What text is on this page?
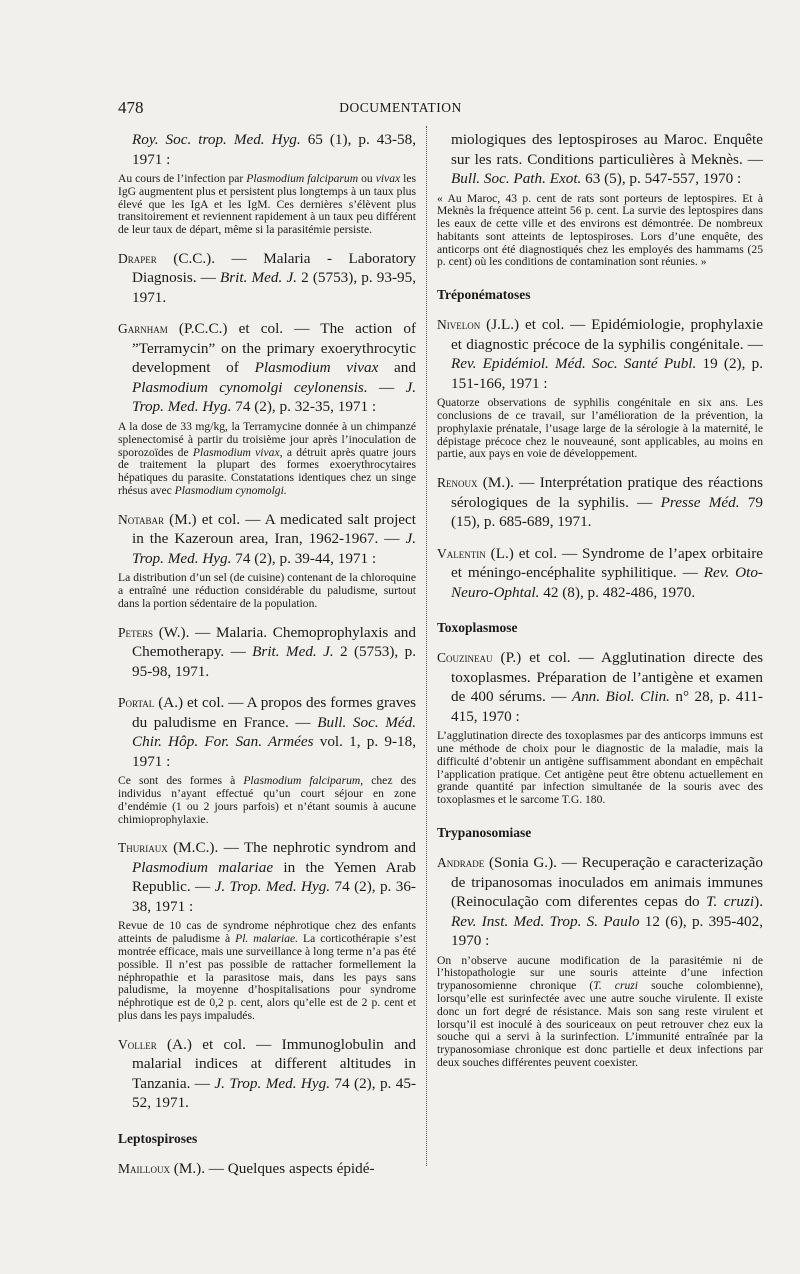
478	DOCUMENTATION

Roy. Soc. trop. Med. Hyg. 65 (1), p. 43-58, 1971 :

Au cours de l’infection par Plasmodium falciparum ou vivax les IgG augmentent plus et persistent plus longtemps à un taux plus élevé que les IgA et les IgM. Ces dernières s’élèvent plus transitoirement et reviennent rapidement à un taux peu différent de leur taux de départ, même si la parasitémie persiste.

Draper (C.C.). — Malaria - Laboratory Diagnosis. — Brit. Med. J. 2 (5753), p. 93-95, 1971.

Garnham (P.C.C.) et col. — The action of ”Terramycin” on the primary exoerythrocytic development of Plasmodium vivax and Plasmodium cynomolgi ceylonensis. — J. Trop. Med. Hyg. 74 (2), p. 32-35, 1971 :

A la dose de 33 mg/kg, la Terramycine donnée à un chimpanzé splenectomisé à partir du troisième jour après l’inoculation de sporozoïdes de Plasmodium vivax, a détruit après quatre jours de traitement la plupart des formes exoerythrocytaires hépatiques du parasite. Constatations identiques chez un singe rhésus avec Plasmodium cynomolgi.

Notabar (M.) et col. — A medicated salt project in the Kazeroun area, Iran, 1962-1967. — J. Trop. Med. Hyg. 74 (2), p. 39-44, 1971 :

La distribution d’un sel (de cuisine) contenant de la chloroquine a entraîné une réduction considérable du paludisme, surtout dans la portion sédentaire de la population.

Peters (W.). — Malaria. Chemoprophylaxis and Chemotherapy. — Brit. Med. J. 2 (5753), p. 95-98, 1971.

Portal (A.) et col. — A propos des formes graves du paludisme en France. — Bull. Soc. Méd. Chir. Hôp. For. San. Armées vol. 1, p. 9-18, 1971 :

Ce sont des formes à Plasmodium falciparum, chez des individus n’ayant effectué qu’un court séjour en zone d’endémie (1 ou 2 jours parfois) et n’étant soumis à aucune chimioprophylaxie.

Thuriaux (M.C.). — The nephrotic syndrom and Plasmodium malariae in the Yemen Arab Republic. — J. Trop. Med. Hyg. 74 (2), p. 36-38, 1971 :

Revue de 10 cas de syndrome néphrotique chez des enfants atteints de paludisme à Pl. malariae. La corticothérapie s’est montrée efficace, mais une surveillance à long terme n’a pas été possible. Il n’est pas possible de rattacher formellement la néphropathie et la parasitose mais, dans les pays sans paludisme, la moyenne d’hospitalisations pour syndrome néphrotique est de 0,2 p. cent, alors qu’elle est de 2 p. cent et plus dans les pays impaludés.

Voller (A.) et col. — Immunoglobulin and malarial indices at different altitudes in Tanzania. — J. Trop. Med. Hyg. 74 (2), p. 45-52, 1971.

Leptospiroses

Mailloux (M.). — Quelques aspects épidé-

miologiques des leptospiroses au Maroc. Enquête sur les rats. Conditions particulières à Meknès. — Bull. Soc. Path. Exot. 63 (5), p. 547-557, 1970 :

« Au Maroc, 43 p. cent de rats sont porteurs de leptospires. Et à Meknès la fréquence atteint 56 p. cent. La survie des leptospires dans les eaux de cette ville et des environs est démontrée. De nombreux habitants sont atteints de leptospiroses. Lors d’une enquête, des anticorps ont été diagnostiqués chez les employés des hammams (25 p. cent) où les conditions de contamination sont réunies. »

Tréponématoses

Nivelon (J.L.) et col. — Epidémiologie, prophylaxie et diagnostic précoce de la syphilis congénitale. — Rev. Epidémiol. Méd. Soc. Santé Publ. 19 (2), p. 151-166, 1971 :

Quatorze observations de syphilis congénitale en six ans. Les conclusions de ce travail, sur l’amélioration de la prévention, la prophylaxie prénatale, l’usage large de la sérologie à la maternité, le dépistage précoce chez le nouveauné, sont applicables, au moins en partie, aux pays en voie de développement.

Renoux (M.). — Interprétation pratique des réactions sérologiques de la syphilis. — Presse Méd. 79 (15), p. 685-689, 1971.

Valentin (L.) et col. — Syndrome de l’apex orbitaire et méningo-encéphalite syphilitique. — Rev. Oto-Neuro-Ophtal. 42 (8), p. 482-486, 1970.

Toxoplasmose

Couzineau (P.) et col. — Agglutination directe des toxoplasmes. Préparation de l’antigène et examen de 400 sérums. — Ann. Biol. Clin. n° 28, p. 411-415, 1970 :

L’agglutination directe des toxoplasmes par des anticorps immuns est une méthode de choix pour le diagnostic de la maladie, mais la difficulté d’obtenir un antigène suffisamment abondant en empêchait l’application pratique. Cet antigène peut être obtenu actuellement en grande quantité par infection simultanée de la souris avec des toxoplasmes et le sarcome T.G. 180.

Trypanosomiase

Andrade (Sonia G.). — Recuperação e caracterização de tripanosomas inoculados em animais immunes (Reinoculação com diferentes cepas do T. cruzi). Rev. Inst. Med. Trop. S. Paulo 12 (6), p. 395-402, 1970 :

On n’observe aucune modification de la parasitémie ni de l’histopathologie sur une souris atteinte d’une infection trypanosomienne chronique (T. cruzi souche colombienne), lorsqu’elle est surinfectée avec une autre souche virulente. Il existe donc un fort degré de résistance. Mais son sang reste virulent et lorsqu’il est inoculé à des souriceaux on peut retrouver chez eux la souche qui a servi à la surinfection. L’immunité entraînée par la trypanosomiase chronique est donc partielle et deux infections par deux souches différentes peuvent coexister.
